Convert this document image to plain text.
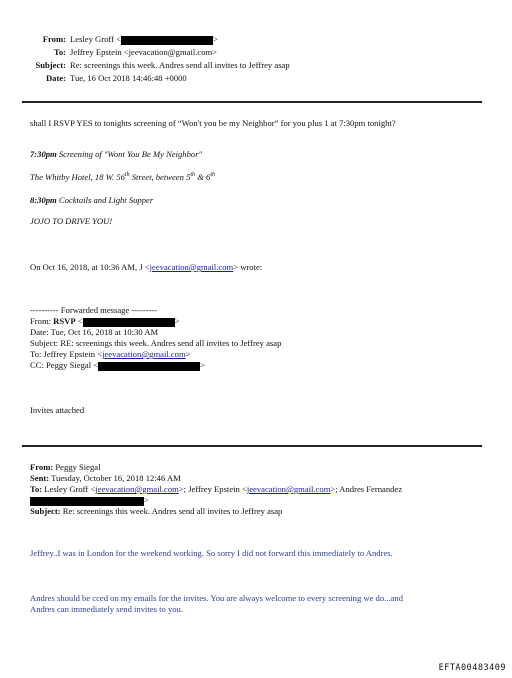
From: Lesley Groff <	>
To: Jeffrey Epstein <jeevacation@gmail.com>
Subject: Re: screenings this week. Andres send all invites to Jeffrey asap
Date: Tue, 16 Oct 2018 14:46:48 +0000
shall I RSVP YES to tonights screening of “Won't you be my Neighbor” for you plus 1 at 7:30pm tonight?
7:30pm Screening of "Wont You Be My Neighbor"
The Whitby Hotel, 18 W. 56th Street, between 5th & 6th
8:30pm Cocktails and Light Supper
JOJO TO DRIVE YOU!
On Oct 16, 2018, at 10:36 AM, J <jeevacation@gmail.com> wrote:
---------- Forwarded message ---------
From: RSVP <	>
Date: Tue, Oct 16, 2018 at 10:30 AM
Subject: RE: screenings this week. Andres send all invites to Jeffrey asap
To: Jeffrey Epstein <jeevacation@gmail.com>
CC: Peggy Siegal <	>
Invites attached
From: Peggy Siegal
Sent: Tuesday, October 16, 2018 12:46 AM
To: Lesley Groff <jeevacation@gmail.com>; Jeffrey Epstein <jeevacation@gmail.com>; Andres Fernandez
>
Subject: Re: screenings this week. Andres send all invites to Jeffrey asap
Jeffrey..I was in London for the weekend working. So sorry I did not forward this immediately to Andres.
Andres should be cced on my emails for the invites. You are always welcome to every screening we do...and
Andres can immediately send invites to you.
EFTA00483409
